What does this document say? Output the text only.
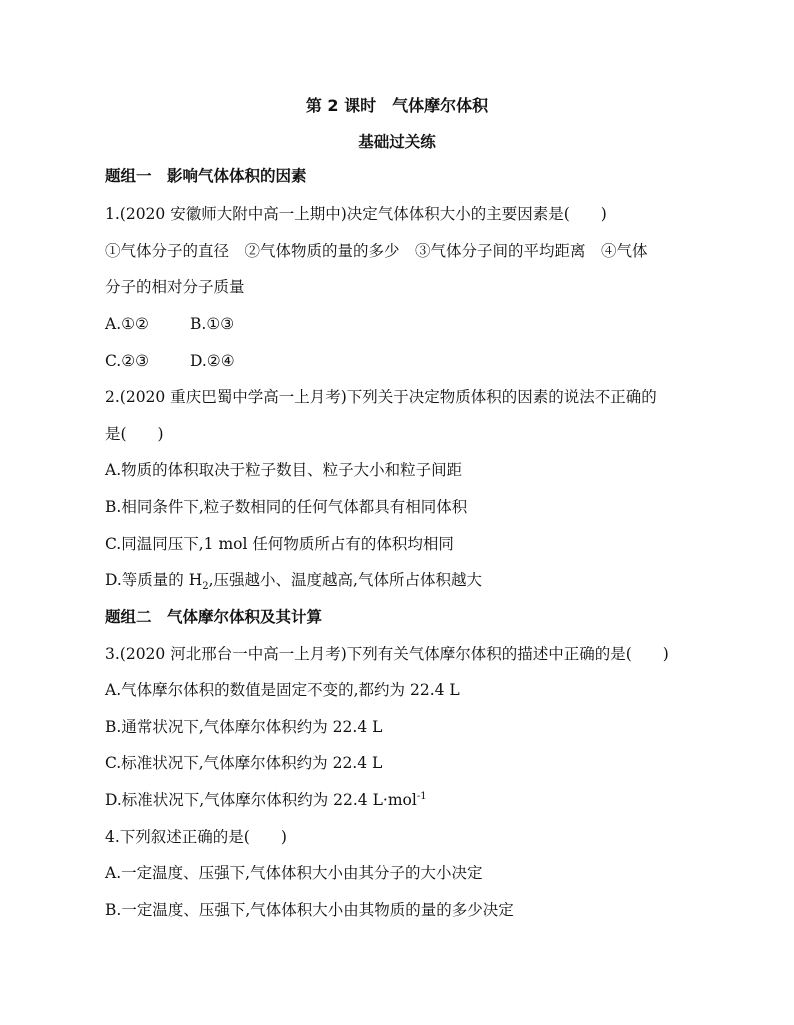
第 2 课时　气体摩尔体积
基础过关练
题组一　影响气体体积的因素
1.(2020 安徽师大附中高一上期中)决定气体体积大小的主要因素是(　　)
①气体分子的直径　②气体物质的量的多少　③气体分子间的平均距离　④气体
分子的相对分子质量
A.①②	B.①③
C.②③	D.②④
2.(2020 重庆巴蜀中学高一上月考)下列关于决定物质体积的因素的说法不正确的
是(　　)
A.物质的体积取决于粒子数目、粒子大小和粒子间距
B.相同条件下,粒子数相同的任何气体都具有相同体积
C.同温同压下,1 mol 任何物质所占有的体积均相同
D.等质量的 $H_2$,压强越小、温度越高,气体所占体积越大
题组二　气体摩尔体积及其计算
3.(2020 河北邢台一中高一上月考)下列有关气体摩尔体积的描述中正确的是(　　)
A.气体摩尔体积的数值是固定不变的,都约为 22.4 L
B.通常状况下,气体摩尔体积约为 22.4 L
C.标准状况下,气体摩尔体积约为 22.4 L
D.标准状况下,气体摩尔体积约为 22.4 L·mol$^{-1}$
4.下列叙述正确的是(　　)
A.一定温度、压强下,气体体积大小由其分子的大小决定
B.一定温度、压强下,气体体积大小由其物质的量的多少决定
